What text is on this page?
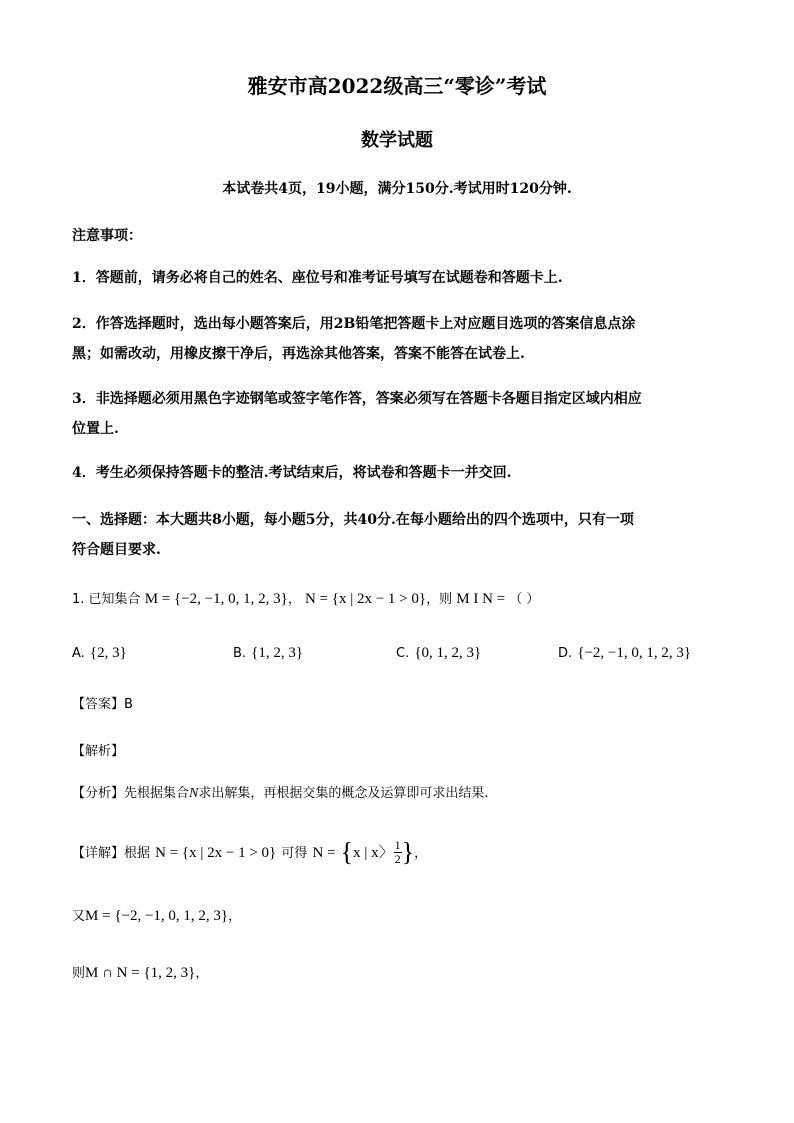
雅安市高2022级高三“零诊”考试
数学试题
本试卷共4页，19小题，满分150分.考试用时120分钟.
注意事项：
1．答题前，请务必将自己的姓名、座位号和准考证号填写在试题卷和答题卡上.
2．作答选择题时，选出每小题答案后，用2B铅笔把答题卡上对应题目选项的答案信息点涂
黑；如需改动，用橡皮擦干净后，再选涂其他答案，答案不能答在试卷上.
3．非选择题必须用黑色字迹钢笔或签字笔作答，答案必须写在答题卡各题目指定区域内相应
位置上.
4．考生必须保持答题卡的整洁.考试结束后，将试卷和答题卡一并交回.
一、选择题：本大题共8小题，每小题5分，共40分.在每小题给出的四个选项中，只有一项
符合题目要求.
1. 已知集合 M = {−2, −1, 0, 1, 2, 3}， N = {x | 2x − 1 > 0}，则 M I N = （ ）
A. {2, 3}	B. {1, 2, 3}	C. {0, 1, 2, 3}	D. {−2, −1, 0, 1, 2, 3}
【答案】B
【解析】
【分析】先根据集合N求出解集，再根据交集的概念及运算即可求出结果.
【详解】根据 N = {x | 2x − 1 > 0} 可得 N = {x | x〉 $\frac{1}{2}$ }，
又M = {−2, −1, 0, 1, 2, 3}，
则M ∩ N = {1, 2, 3}，
